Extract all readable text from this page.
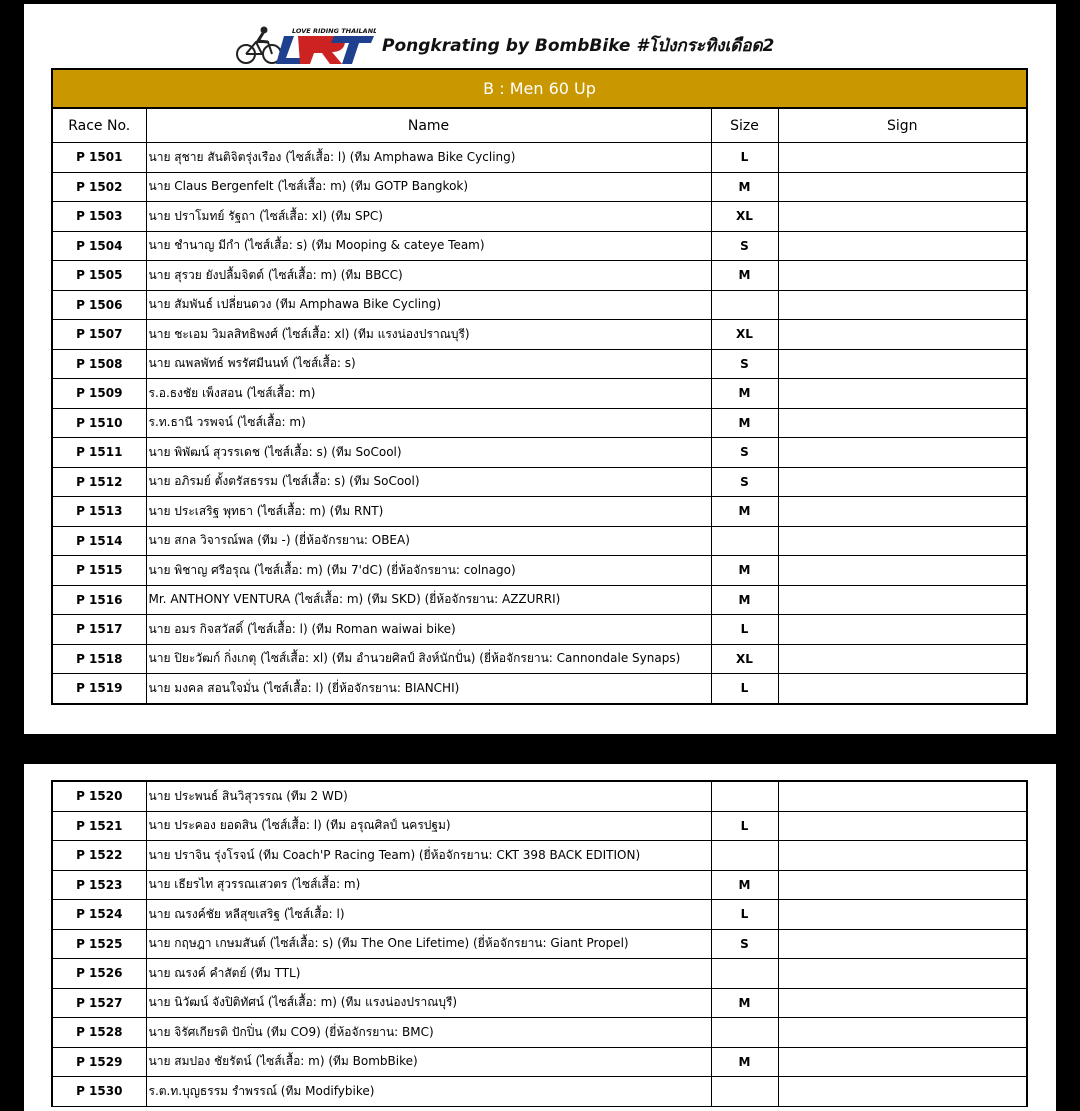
LOVE RIDING THAILAND
Pongkrating by BombBike #โป่งกระทิงเดือด2
B : Men 60 Up			
Race No.	Name	Size	Sign
P 1501	นาย สุชาย สันติจิตรุ่งเรือง (ไซส์เสื้อ: l) (ทีม Amphawa Bike Cycling)	L	
P 1502	นาย Claus Bergenfelt (ไซส์เสื้อ: m) (ทีม GOTP Bangkok)	M	
P 1503	นาย ปราโมทย์ รัฐถา (ไซส์เสื้อ: xl) (ทีม SPC)	XL	
P 1504	นาย ชำนาญ มีกำ (ไซส์เสื้อ: s) (ทีม Mooping & cateye Team)	S	
P 1505	นาย สุรวย ยังปลื้มจิตต์ (ไซส์เสื้อ: m) (ทีม BBCC)	M	
P 1506	นาย สัมพันธ์ เปลี่ยนดวง (ทีม Amphawa Bike Cycling)		
P 1507	นาย ชะเอม วิมลสิทธิพงศ์ (ไซส์เสื้อ: xl) (ทีม แรงน่องปราณบุรี)	XL	
P 1508	นาย ณพลพัทธ์ พรรัศมีนนท์ (ไซส์เสื้อ: s)	S	
P 1509	ร.อ.ธงชัย เพ็งสอน (ไซส์เสื้อ: m)	M	
P 1510	ร.ท.ธานี วรพจน์ (ไซส์เสื้อ: m)	M	
P 1511	นาย พิพัฒน์ สุวรรเดช (ไซส์เสื้อ: s) (ทีม SoCool)	S	
P 1512	นาย อภิรมย์ ตั้งตรัสธรรม (ไซส์เสื้อ: s) (ทีม SoCool)	S	
P 1513	นาย ประเสริฐ พุทธา (ไซส์เสื้อ: m) (ทีม RNT)	M	
P 1514	นาย สกล วิจารณ์พล (ทีม -) (ยี่ห้อจักรยาน: OBEA)		
P 1515	นาย พิชาญ ศรีอรุณ (ไซส์เสื้อ: m) (ทีม 7'dC) (ยี่ห้อจักรยาน: colnago)	M	
P 1516	Mr. ANTHONY VENTURA (ไซส์เสื้อ: m) (ทีม SKD) (ยี่ห้อจักรยาน: AZZURRI)	M	
P 1517	นาย อมร กิจสวัสดิ์ (ไซส์เสื้อ: l) (ทีม Roman waiwai bike)	L	
P 1518	นาย ปิยะวัฒก์ กิ่งเกตุ (ไซส์เสื้อ: xl) (ทีม อำนวยศิลป์ สิงห์นักปั่น) (ยี่ห้อจักรยาน: Cannondale Synaps)	XL	
P 1519	นาย มงคล สอนใจมั่น (ไซส์เสื้อ: l) (ยี่ห้อจักรยาน: BIANCHI)	L	
P 1520	นาย ประพนธ์ สินวิสุวรรณ (ทีม 2 WD)		
P 1521	นาย ประคอง ยอดสิน (ไซส์เสื้อ: l) (ทีม อรุณศิลป์ นครปฐม)	L	
P 1522	นาย ปราจิน รุ่งโรจน์ (ทีม Coach'P Racing Team) (ยี่ห้อจักรยาน: CKT 398 BACK EDITION)		
P 1523	นาย เธียรไท สุวรรณเสวตร (ไซส์เสื้อ: m)	M	
P 1524	นาย ณรงค์ชัย หลีสุขเสริฐ (ไซส์เสื้อ: l)	L	
P 1525	นาย กฤษฎา เกษมสันต์ (ไซส์เสื้อ: s) (ทีม The One Lifetime) (ยี่ห้อจักรยาน: Giant Propel)	S	
P 1526	นาย ณรงค์ คำสัตย์ (ทีม TTL)		
P 1527	นาย นิวัฒน์ จังปิติทัศน์ (ไซส์เสื้อ: m) (ทีม แรงน่องปราณบุรี)	M	
P 1528	นาย จิรัศเกียรติ ปักปิ่น (ทีม CO9) (ยี่ห้อจักรยาน: BMC)		
P 1529	นาย สมปอง ชัยรัตน์ (ไซส์เสื้อ: m) (ทีม BombBike)	M	
P 1530	ร.ต.ท.บุญธรรม รำพรรณ์ (ทีม Modifybike)		
